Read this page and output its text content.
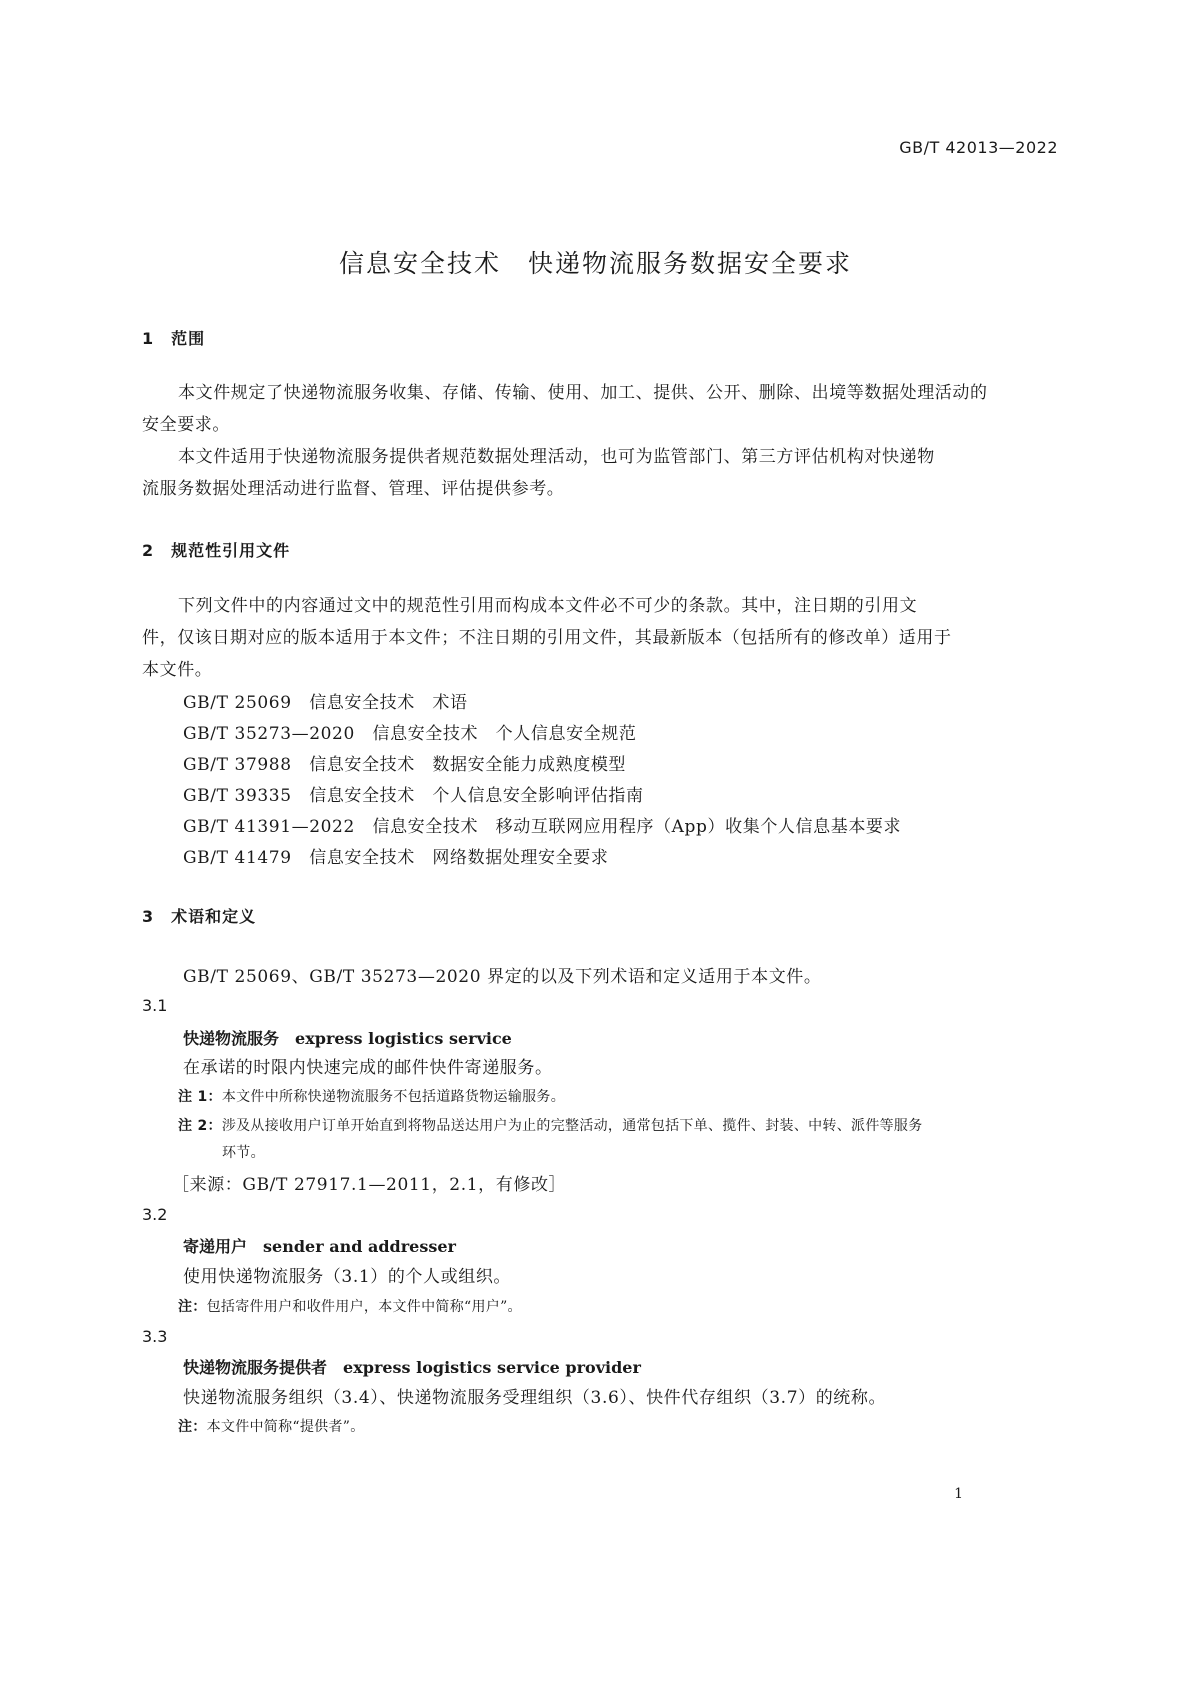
GB/T 42013—2022
信息安全技术　快递物流服务数据安全要求
1　范围
本文件规定了快递物流服务收集、存储、传输、使用、加工、提供、公开、删除、出境等数据处理活动的
安全要求。
本文件适用于快递物流服务提供者规范数据处理活动，也可为监管部门、第三方评估机构对快递物
流服务数据处理活动进行监督、管理、评估提供参考。
2　规范性引用文件
下列文件中的内容通过文中的规范性引用而构成本文件必不可少的条款。其中，注日期的引用文
件，仅该日期对应的版本适用于本文件；不注日期的引用文件，其最新版本（包括所有的修改单）适用于
本文件。
GB/T 25069　信息安全技术　术语
GB/T 35273—2020　信息安全技术　个人信息安全规范
GB/T 37988　信息安全技术　数据安全能力成熟度模型
GB/T 39335　信息安全技术　个人信息安全影响评估指南
GB/T 41391—2022　信息安全技术　移动互联网应用程序（App）收集个人信息基本要求
GB/T 41479　信息安全技术　网络数据处理安全要求
3　术语和定义
GB/T 25069、GB/T 35273—2020 界定的以及下列术语和定义适用于本文件。
3.1
快递物流服务　 express logistics service
在承诺的时限内快速完成的邮件快件寄递服务。
注 1：本文件中所称快递物流服务不包括道路货物运输服务。
注 2：涉及从接收用户订单开始直到将物品送达用户为止的完整活动，通常包括下单、揽件、封装、中转、派件等服务
环节。
［来源：GB/T 27917.1—2011，2.1，有修改］
3.2
寄递用户　 sender and addresser
使用快递物流服务（3.1）的个人或组织。
注：包括寄件用户和收件用户，本文件中简称“用户”。
3.3
快递物流服务提供者　 express logistics service provider
快递物流服务组织（3.4）、快递物流服务受理组织（3.6）、快件代存组织（3.7）的统称。
注：本文件中简称“提供者”。
1
